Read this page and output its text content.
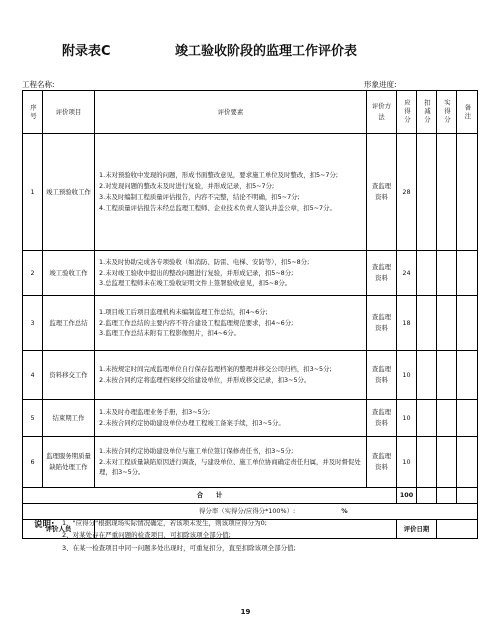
附录表C	竣工验收阶段的监理工作评价表
工程名称:	形象进度:
序号	评价项目	评价要素	评价方法	应得分	扣减分	实得分	备注

1	竣工预验收工作	1.未对预验收中发现的问题，形成书面整改意见，要求施工单位及时整改，扣5~7分;

2.对发现问题的整改未及时进行复验，并形成记录，扣5~7分;

3.未及时编制工程质量评估报告，内容不完整，结论不明确，扣5~7分;

4.工程质量评估报告未经总监理工程师、企业技术负责人签认并盖公章，扣5~7分。	查监理资料	28			
2	竣工验收工作	1.未及时协助完成各专项验收（如消防、防雷、电梯、安防等），扣5~8分;

2.未对竣工验收中提出的整改问题进行复验，并形成记录，扣5~8分;

3.总监理工程师未在竣工验收证明文件上签署验收意见，扣5~8分。	查监理资料	24			
3	监理工作总结	1.项目竣工后项目监理机构未编制监理工作总结，扣4~6分;

2.监理工作总结的主要内容不符合建设工程监理规范要求，扣4~6分;

3.监理工作总结未附有工程影像照片，扣4~6分。	查监理资料	18			
4	资料移交工作	1.未按规定时间完成监理单位自行保存监理档案的整理并移交公司归档，扣3~5分;

2.未按合同约定将监理档案移交给建设单位，并形成移交记录，扣3~5分。	查监理资料	10			
5	结束期工作	1.未及时办理监理业务手册，扣3~5分;

2.未按合同约定协助建设单位办理工程竣工备案手续，扣3~5分。	查监理资料	10			
6	监理服务期质量缺陷处理工作	1.未按合同约定协助建设单位与施工单位签订保修责任书，扣3~5分;

2.未对工程质量缺陷原因进行调查，与建设单位、施工单位协商确定责任归属，并及时督促处理，扣3~5分。	查监理资料	10			
合　　计				100			
得分率（实得分/应得分*100%）: %							
评价人员				评价日期			
说明: 1、"应得分"根据现场实际情况确定，若该项未发生，则该项应得分为0;
2、对某处存在严重问题的检查项目，可扣除该项全部分值;
3、在某一检查项目中同一问题多处出现时，可重复扣分，直至扣除该项全部分值;
19
